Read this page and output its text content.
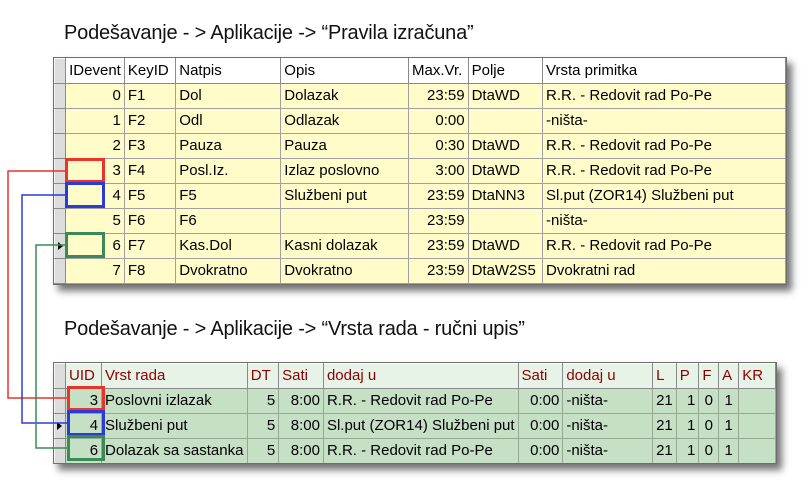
Podešavanje - > Aplikacije -> “Pravila izračuna”
	IDevent	KeyID	Natpis	Opis	Max.Vr.	Polje	Vrsta primitka
	0	F1	Dol	Dolazak	23:59	DtaWD	R.R. - Redovit rad Po-Pe
	1	F2	Odl	Odlazak	0:00		-ništa-
	2	F3	Pauza	Pauza	0:30	DtaWD	R.R. - Redovit rad Po-Pe
	3	F4	Posl.Iz.	Izlaz poslovno	3:00	DtaWD	R.R. - Redovit rad Po-Pe
	4	F5	F5	Službeni put	23:59	DtaNN3	Sl.put (ZOR14) Službeni put
	5	F6	F6		23:59		-ništa-
	6	F7	Kas.Dol	Kasni dolazak	23:59	DtaWD	R.R. - Redovit rad Po-Pe
	7	F8	Dvokratno	Dvokratno	23:59	DtaW2S5	Dvokratni rad
Podešavanje - > Aplikacije -> “Vrsta rada - ručni upis”
	UID	Vrst rada	DT	Sati	dodaj u	Sati	dodaj u	L	P	F	A	KR
	3	Poslovni izlazak	5	8:00	R.R. - Redovit rad Po-Pe	0:00	-ništa-	21	1	0	1	
	4	Službeni put	5	8:00	Sl.put (ZOR14) Službeni put	0:00	-ništa-	21	1	0	1	
	6	Dolazak sa sastanka	5	8:00	R.R. - Redovit rad Po-Pe	0:00	-ništa-	21	1	0	1	
